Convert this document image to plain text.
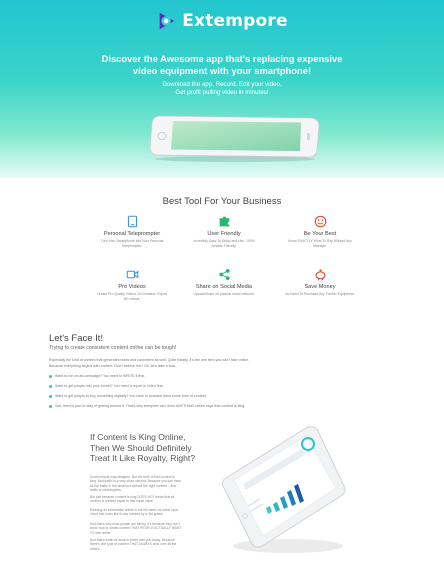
Extempore
Discover the Awesome app that's replacing expensive
video equipment with your smartphone!
Download the app. Record. Edit your video.
Get profit pulling video in minutes!
Best Tool For Your Business
Personal Teleprompter
Turn Your Smartphone into Your Personal Teleprompter.
User Friendly
Incredibly Easy To Setup and Use. 100% Newbie Friendly.
Be Your Best
Know EXACTLY What To Say Without Any Mishaps.
Pro Videos
Create Pro Quality Videos On Demand. Export HD videos.
Share on Social Media
Upload/Share on popular social network.
Save Money
No Need To Purchase Any Further Equipment.
Let's Face It!
Trying to create consistent content online can be tough!
Especially the kind of content that generates leads and customers as well. Quite frankly, it's the one item you can't fake online.
Because everything begins with content. Don't believe me? Ok, let's take a look.
Want to run an ad campaign? You need to WRITE it first.
Want to get people into your funnel? You need a report or video first.
Want to get people to buy something digitally? You have to promise them some form of content.
See, there's just no way of getting around it. That's why everyone who does ANYTHING online says that content is king.
If Content Is King Online,
Then We Should Definitely
Treat It Like Royalty, Right?
Some people may disagree. But the truth is that content is king. And traffic is a very close second. Because you can have all the traffic in the world but without the right content....that traffic is meaningless.
But just because content is king DOES NOT mean that all content is created equal or has equal value.
Reading an informative article is not the same as some spun drivel that looks like it was created by a 3rd grader.
And that's why most people are failing. It's because they don't know how to create content THAT PEOPLE ACTUALLY WANT TO see online.
And that's what we want to share with you today. Because there's one type of content THAT ALWAYS wins over all the others...
